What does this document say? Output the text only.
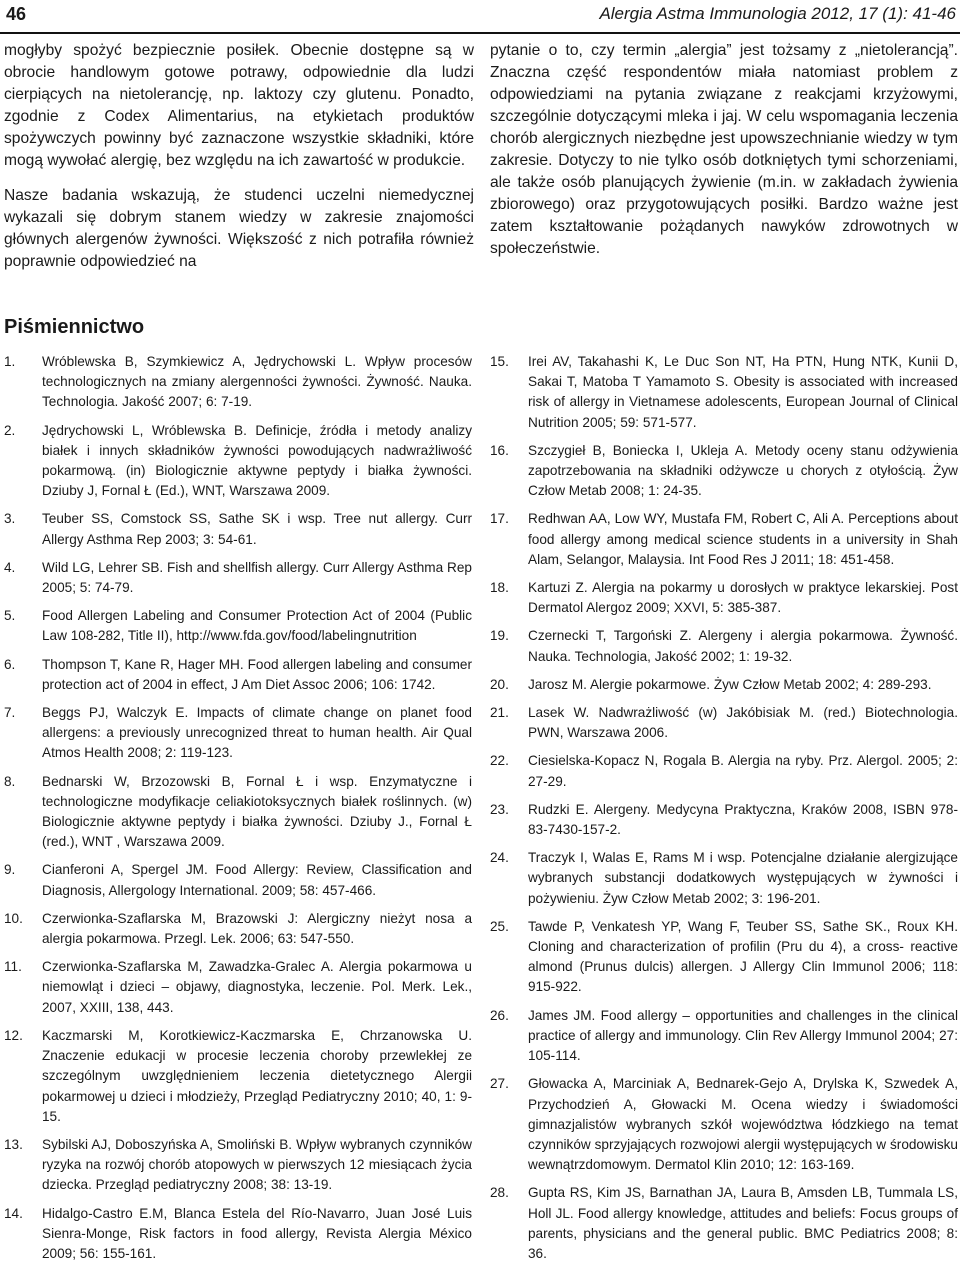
46	Alergia Astma Immunologia 2012, 17 (1): 41-46

mogłyby spożyć bezpiecznie posiłek. Obecnie dostępne są w obrocie handlowym gotowe potrawy, odpowiednie dla ludzi cierpiących na nietolerancję, np. laktozy czy glutenu. Ponadto, zgodnie z Codex Alimentarius, na etykietach produktów spożywczych powinny być zaznaczone wszystkie składniki, które mogą wywołać alergię, bez względu na ich zawartość w produkcie.

Nasze badania wskazują, że studenci uczelni niemedycznej wykazali się dobrym stanem wiedzy w zakresie znajomości głównych alergenów żywności. Większość z nich potrafiła również poprawnie odpowiedzieć na

pytanie o to, czy termin „alergia” jest tożsamy z „nietolerancją”. Znaczna część respondentów miała natomiast problem z odpowiedziami na pytania związane z reakcjami krzyżowymi, szczególnie dotyczącymi mleka i jaj. W celu wspomagania leczenia chorób alergicznych niezbędne jest upowszechnianie wiedzy w tym zakresie. Dotyczy to nie tylko osób dotkniętych tymi schorzeniami, ale także osób planujących żywienie (m.in. w zakładach żywienia zbiorowego) oraz przygotowujących posiłki. Bardzo ważne jest zatem kształtowanie pożądanych nawyków zdrowotnych w społeczeństwie.

Piśmiennictwo
1. Wróblewska B, Szymkiewicz A, Jędrychowski L. Wpływ procesów technologicznych na zmiany alergenności żywności. Żywność. Nauka. Technologia. Jakość 2007; 6: 7-19.
2. Jędrychowski L, Wróblewska B. Definicje, źródła i metody analizy białek i innych składników żywności powodujących nadwrażliwość pokarmową. (in) Biologicznie aktywne peptydy i białka żywności. Dziuby J, Fornal Ł (Ed.), WNT, Warszawa 2009.
3. Teuber SS, Comstock SS, Sathe SK i wsp. Tree nut allergy. Curr Allergy Asthma Rep 2003; 3: 54-61.
4. Wild LG, Lehrer SB. Fish and shellfish allergy. Curr Allergy Asthma Rep 2005; 5: 74-79.
5. Food Allergen Labeling and Consumer Protection Act of 2004 (Public Law 108-282, Title II), http://www.fda.gov/food/labelingnutrition
6. Thompson T, Kane R, Hager MH. Food allergen labeling and consumer protection act of 2004 in effect, J Am Diet Assoc 2006; 106: 1742.
7. Beggs PJ, Walczyk E. Impacts of climate change on planet food allergens: a previously unrecognized threat to human health. Air Qual Atmos Health 2008; 2: 119-123.
8. Bednarski W, Brzozowski B, Fornal Ł i wsp. Enzymatyczne i technologiczne modyfikacje celiakiotoksycznych białek roślinnych. (w) Biologicznie aktywne peptydy i białka żywności. Dziuby J., Fornal Ł (red.), WNT , Warszawa 2009.
9. Cianferoni A, Spergel JM. Food Allergy: Review, Classification and Diagnosis, Allergology International. 2009; 58: 457-466.
10. Czerwionka-Szaflarska M, Brazowski J: Alergiczny nieżyt nosa a alergia pokarmowa. Przegl. Lek. 2006; 63: 547-550.
11. Czerwionka-Szaflarska M, Zawadzka-Gralec A. Alergia pokarmowa u niemowląt i dzieci – objawy, diagnostyka, leczenie. Pol. Merk. Lek., 2007, XXIII, 138, 443.
12. Kaczmarski M, Korotkiewicz-Kaczmarska E, Chrzanowska U. Znaczenie edukacji w procesie leczenia choroby przewlekłej ze szczególnym uwzględnieniem leczenia dietetycznego Alergii pokarmowej u dzieci i młodzieży, Przegląd Pediatryczny 2010; 40, 1: 9-15.
13. Sybilski AJ, Doboszyńska A, Smoliński B. Wpływ wybranych czynników ryzyka na rozwój chorób atopowych w pierwszych 12 miesiącach życia dziecka. Przegląd pediatryczny 2008; 38: 13-19.
14. Hidalgo-Castro E.M, Blanca Estela del Río-Navarro, Juan José Luis Sienra-Monge, Risk factors in food allergy, Revista Alergia México 2009; 56: 155-161.
15. Irei AV, Takahashi K, Le Duc Son NT, Ha PTN, Hung NTK, Kunii D, Sakai T, Matoba T Yamamoto S. Obesity is associated with increased risk of allergy in Vietnamese adolescents, European Journal of Clinical Nutrition 2005; 59: 571-577.
16. Szczygieł B, Boniecka I, Ukleja A. Metody oceny stanu odżywienia zapotrzebowania na składniki odżywcze u chorych z otyłością. Żyw Człow Metab 2008; 1: 24-35.
17. Redhwan AA, Low WY, Mustafa FM, Robert C, Ali A. Perceptions about food allergy among medical science students in a university in Shah Alam, Selangor, Malaysia. Int Food Res J 2011; 18: 451-458.
18. Kartuzi Z. Alergia na pokarmy u dorosłych w praktyce lekarskiej. Post Dermatol Alergoz 2009; XXVI, 5: 385-387.
19. Czernecki T, Targoński Z. Alergeny i alergia pokarmowa. Żywność. Nauka. Technologia, Jakość 2002; 1: 19-32.
20. Jarosz M. Alergie pokarmowe. Żyw Człow Metab 2002; 4: 289-293.
21. Lasek W. Nadwrażliwość (w) Jakóbisiak M. (red.) Biotechnologia. PWN, Warszawa 2006.
22. Ciesielska-Kopacz N, Rogala B. Alergia na ryby. Prz. Alergol. 2005; 2: 27-29.
23. Rudzki E. Alergeny. Medycyna Praktyczna, Kraków 2008, ISBN 978-83-7430-157-2.
24. Traczyk I, Walas E, Rams M i wsp. Potencjalne działanie alergizujące wybranych substancji dodatkowych występujących w żywności i pożywieniu. Żyw Człow Metab 2002; 3: 196-201.
25. Tawde P, Venkatesh YP, Wang F, Teuber SS, Sathe SK., Roux KH. Cloning and characterization of profilin (Pru du 4), a cross- reactive almond (Prunus dulcis) allergen. J Allergy Clin Immunol 2006; 118: 915-922.
26. James JM. Food allergy – opportunities and challenges in the clinical practice of allergy and immunology. Clin Rev Allergy Immunol 2004; 27: 105-114.
27. Głowacka A, Marciniak A, Bednarek-Gejo A, Drylska K, Szwedek A, Przychodzień A, Głowacki M. Ocena wiedzy i świadomości gimnazjalistów wybranych szkół województwa łódzkiego na temat czynników sprzyjających rozwojowi alergii występujących w środowisku wewnątrzdomowym. Dermatol Klin 2010; 12: 163-169.
28. Gupta RS, Kim JS, Barnathan JA, Laura B, Amsden LB, Tummala LS, Holl JL. Food allergy knowledge, attitudes and beliefs: Focus groups of parents, physicians and the general public. BMC Pediatrics 2008; 8: 36.
